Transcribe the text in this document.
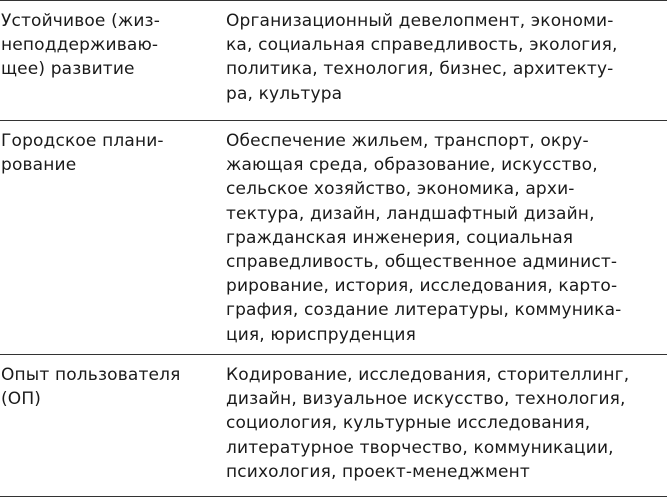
Устойчивое (жиз-
неподдерживаю-
щее) развитие
Организационный девелопмент, экономи-
ка, социальная справедливость, экология,
политика, технология, бизнес, архитекту-
ра, культура
Городское плани-
рование
Обеспечение жильем, транспорт, окру-
жающая среда, образование, искусство,
сельское хозяйство, экономика, архи-
тектура, дизайн, ландшафтный дизайн,
гражданская инженерия, социальная
справедливость, общественное админист-
рирование, история, исследования, карто-
графия, создание литературы, коммуника-
ция, юриспруденция
Опыт пользователя
(ОП)
Кодирование, исследования, сторителлинг,
дизайн, визуальное искусство, технология,
социология, культурные исследования,
литературное творчество, коммуникации,
психология, проект-менеджмент
